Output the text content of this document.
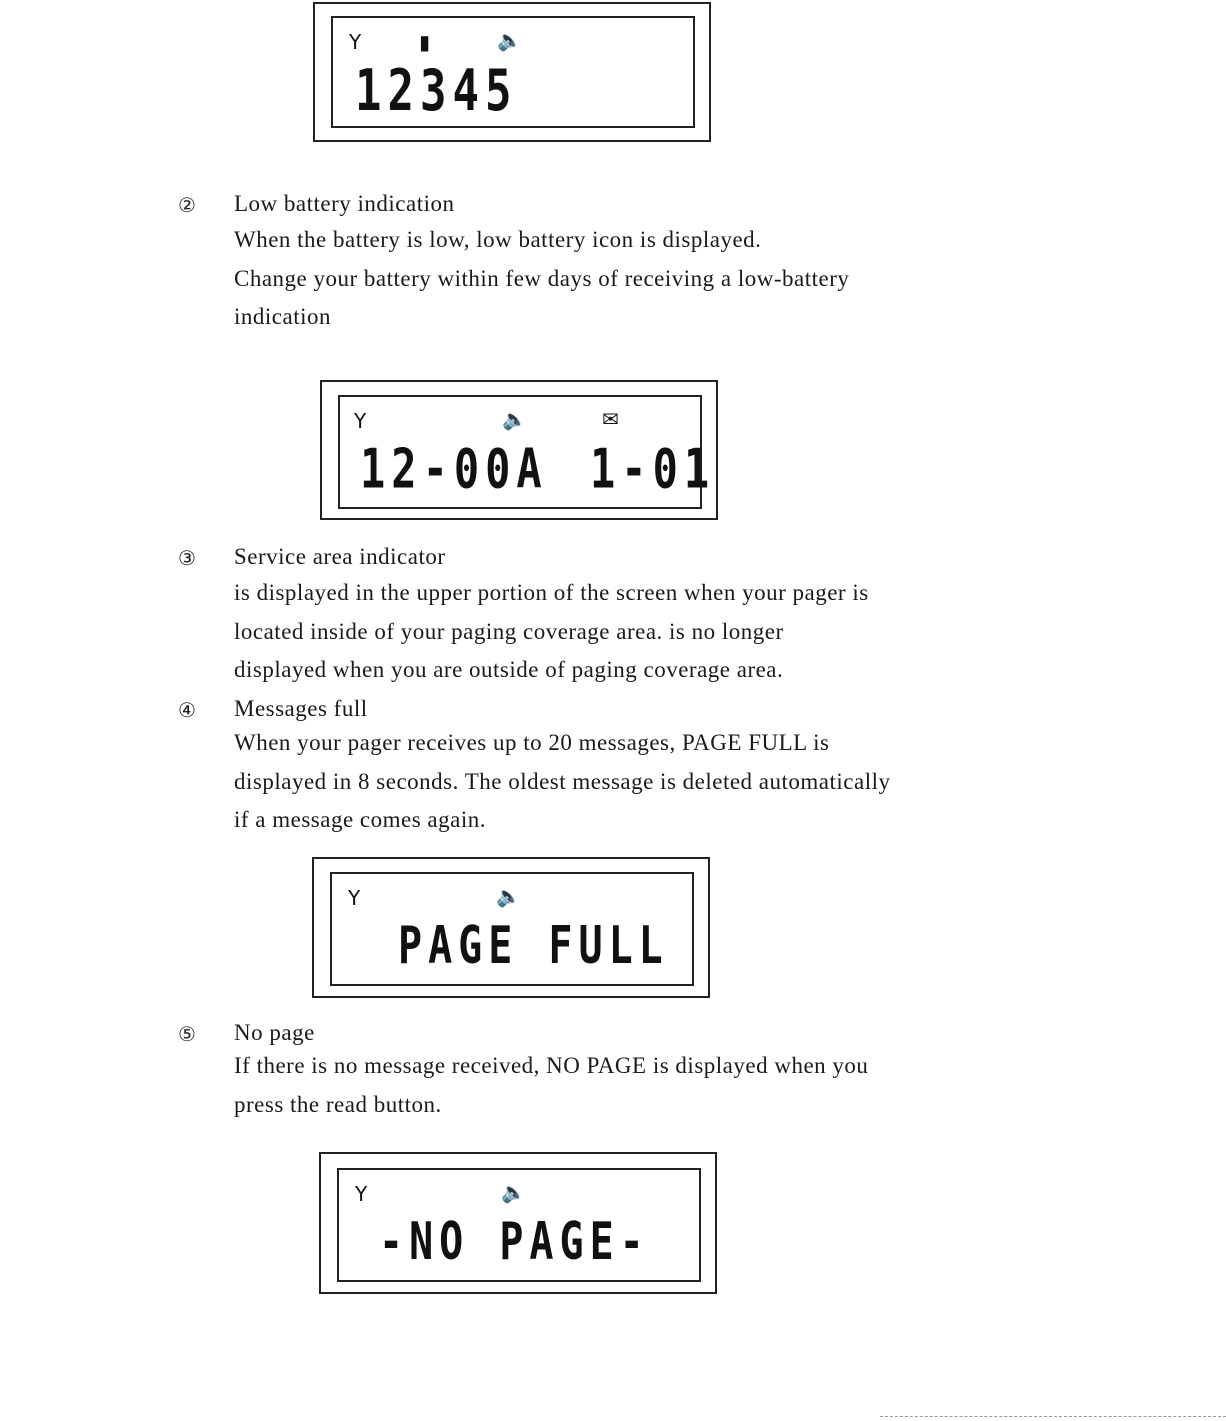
Y	▮	🔈
12345
② Low battery indication

When the battery is low, low battery icon is displayed.

Change your battery within few days of receiving a low-battery

indication

Y	🔈	✉
12-00A 1-01
③ Service area indicator

is displayed in the upper portion of the screen when your pager is

located inside of your paging coverage area. is no longer

displayed when you are outside of paging coverage area.

④ Messages full

When your pager receives up to 20 messages, PAGE FULL is

displayed in 8 seconds. The oldest message is deleted automatically

if a message comes again.

Y	🔈
PAGE FULL
⑤ No page

If there is no message received, NO PAGE is displayed when you

press the read button.

Y	🔈
-NO PAGE-
